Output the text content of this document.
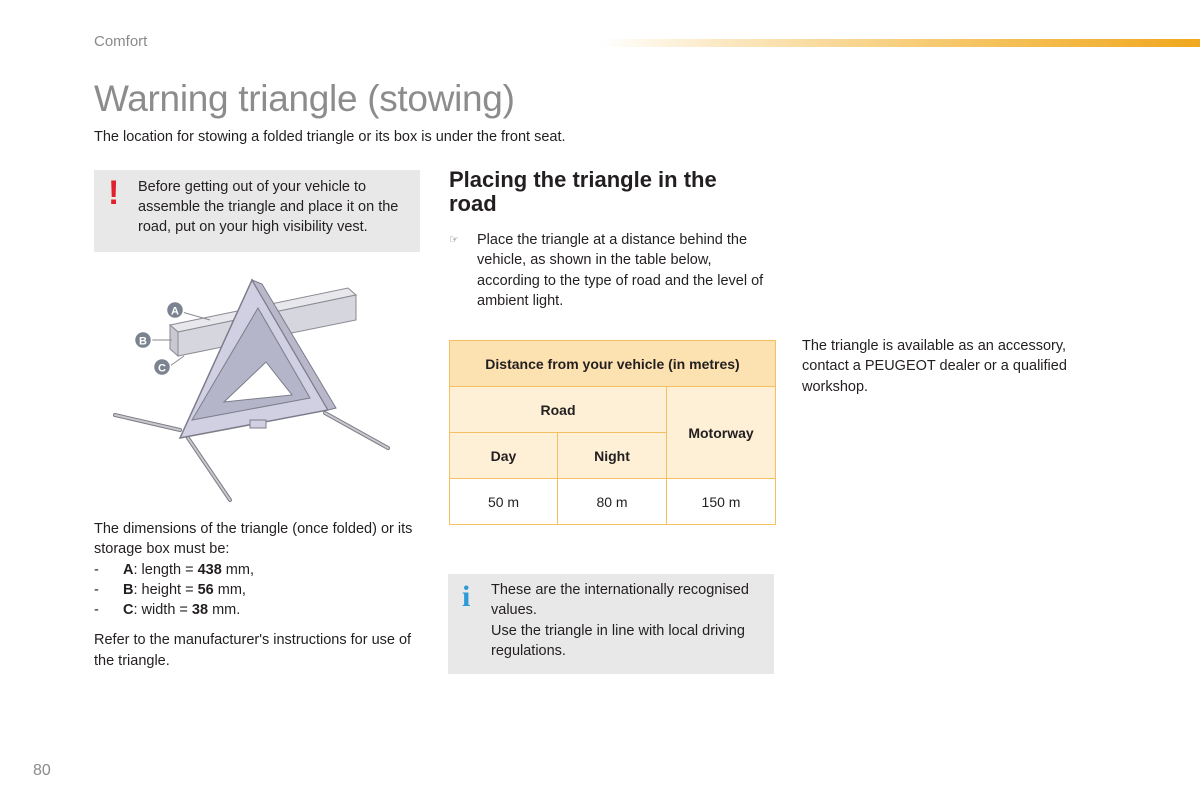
Comfort
Warning triangle (stowing)
The location for stowing a folded triangle or its box is under the front seat.
! Before getting out of your vehicle to assemble the triangle and place it on the road, put on your high visibility vest.
A
B
C
The dimensions of the triangle (once folded) or its storage box must be:
-	A: length = 438 mm,
-	B: height = 56 mm,
-	C: width = 38 mm.
Refer to the manufacturer's instructions for use of the triangle.
Placing the triangle in the road
☞ Place the triangle at a distance behind the vehicle, as shown in the table below, according to the type of road and the level of ambient light.
Distance from your vehicle (in metres)		
Road		Motorway
Day	Night	
50 m	80 m	150 m
The triangle is available as an accessory, contact a PEUGEOT dealer or a qualified workshop.
i These are the internationally recognised values.
Use the triangle in line with local driving regulations.
80
